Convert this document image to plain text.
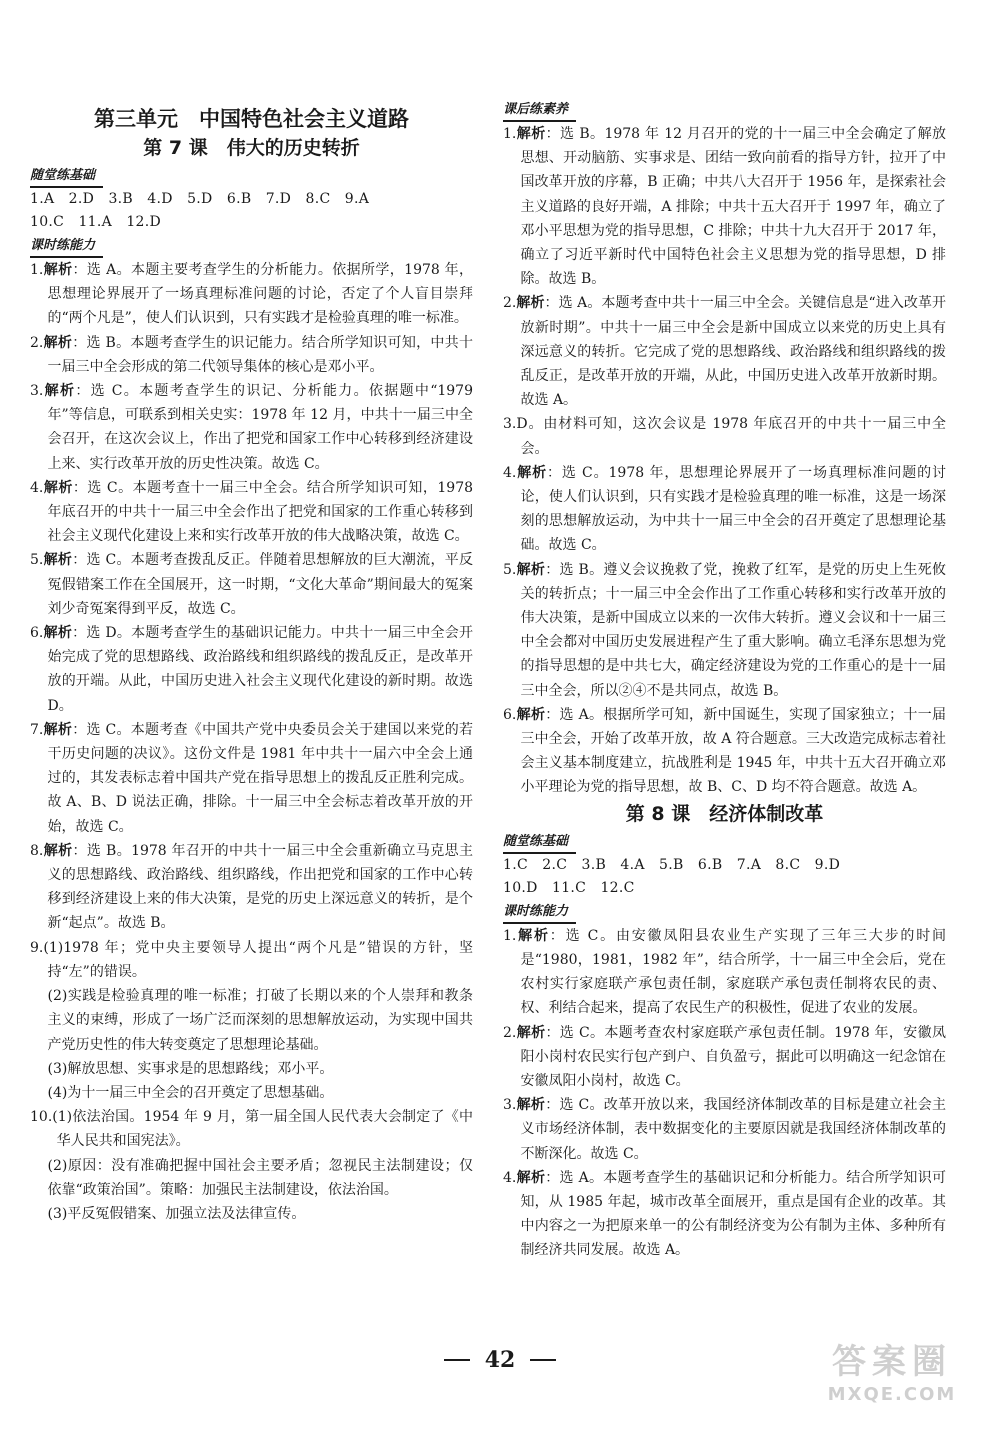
第三单元　中国特色社会主义道路
第 7 课　伟大的历史转折
随堂练基础
1.A　2.D　3.B　4.D　5.D　6.B　7.D　8.C　9.A
10.C　11.A　12.D
课时练能力
1.解析：选 A。本题主要考查学生的分析能力。依据所学，1978 年，思想理论界展开了一场真理标准问题的讨论，否定了个人盲目崇拜的“两个凡是”，使人们认识到，只有实践才是检验真理的唯一标准。
2.解析：选 B。本题考查学生的识记能力。结合所学知识可知，中共十一届三中全会形成的第二代领导集体的核心是邓小平。
3.解析：选 C。本题考查学生的识记、分析能力。依据题中“1979 年”等信息，可联系到相关史实：1978 年 12 月，中共十一届三中全会召开，在这次会议上，作出了把党和国家工作中心转移到经济建设上来、实行改革开放的历史性决策。故选 C。
4.解析：选 C。本题考查十一届三中全会。结合所学知识可知，1978 年底召开的中共十一届三中全会作出了把党和国家的工作重心转移到社会主义现代化建设上来和实行改革开放的伟大战略决策，故选 C。
5.解析：选 C。本题考查拨乱反正。伴随着思想解放的巨大潮流，平反冤假错案工作在全国展开，这一时期，“文化大革命”期间最大的冤案刘少奇冤案得到平反，故选 C。
6.解析：选 D。本题考查学生的基础识记能力。中共十一届三中全会开始完成了党的思想路线、政治路线和组织路线的拨乱反正，是改革开放的开端。从此，中国历史进入社会主义现代化建设的新时期。故选 D。
7.解析：选 C。本题考查《中国共产党中央委员会关于建国以来党的若干历史问题的决议》。这份文件是 1981 年中共十一届六中全会上通过的，其发表标志着中国共产党在指导思想上的拨乱反正胜利完成。故 A、B、D 说法正确，排除。十一届三中全会标志着改革开放的开始，故选 C。
8.解析：选 B。1978 年召开的中共十一届三中全会重新确立马克思主义的思想路线、政治路线、组织路线，作出把党和国家的工作中心转移到经济建设上来的伟大决策，是党的历史上深远意义的转折，是个新“起点”。故选 B。
9.(1)1978 年；党中央主要领导人提出“两个凡是”错误的方针，坚持“左”的错误。
(2)实践是检验真理的唯一标准；打破了长期以来的个人崇拜和教条主义的束缚，形成了一场广泛而深刻的思想解放运动，为实现中国共产党历史性的伟大转变奠定了思想理论基础。
(3)解放思想、实事求是的思想路线；邓小平。
(4)为十一届三中全会的召开奠定了思想基础。
10.(1)依法治国。1954 年 9 月，第一届全国人民代表大会制定了《中华人民共和国宪法》。
(2)原因：没有准确把握中国社会主要矛盾；忽视民主法制建设；仅依靠“政策治国”。策略：加强民主法制建设，依法治国。
(3)平反冤假错案、加强立法及法律宣传。
课后练素养
1.解析：选 B。1978 年 12 月召开的党的十一届三中全会确定了解放思想、开动脑筋、实事求是、团结一致向前看的指导方针，拉开了中国改革开放的序幕，B 正确；中共八大召开于 1956 年，是探索社会主义道路的良好开端，A 排除；中共十五大召开于 1997 年，确立了邓小平思想为党的指导思想，C 排除；中共十九大召开于 2017 年，确立了习近平新时代中国特色社会主义思想为党的指导思想，D 排除。故选 B。
2.解析：选 A。本题考查中共十一届三中全会。关键信息是“进入改革开放新时期”。中共十一届三中全会是新中国成立以来党的历史上具有深远意义的转折。它完成了党的思想路线、政治路线和组织路线的拨乱反正，是改革开放的开端，从此，中国历史进入改革开放新时期。故选 A。
3.D。由材料可知，这次会议是 1978 年底召开的中共十一届三中全会。
4.解析：选 C。1978 年，思想理论界展开了一场真理标准问题的讨论，使人们认识到，只有实践才是检验真理的唯一标准，这是一场深刻的思想解放运动，为中共十一届三中全会的召开奠定了思想理论基础。故选 C。
5.解析：选 B。遵义会议挽救了党，挽救了红军，是党的历史上生死攸关的转折点；十一届三中全会作出了工作重心转移和实行改革开放的伟大决策，是新中国成立以来的一次伟大转折。遵义会议和十一届三中全会都对中国历史发展进程产生了重大影响。确立毛泽东思想为党的指导思想的是中共七大，确定经济建设为党的工作重心的是十一届三中全会，所以②④不是共同点，故选 B。
6.解析：选 A。根据所学可知，新中国诞生，实现了国家独立；十一届三中全会，开始了改革开放，故 A 符合题意。三大改造完成标志着社会主义基本制度建立，抗战胜利是 1945 年，中共十五大召开确立邓小平理论为党的指导思想，故 B、C、D 均不符合题意。故选 A。
第 8 课　经济体制改革
随堂练基础
1.C　2.C　3.B　4.A　5.B　6.B　7.A　8.C　9.D
10.D　11.C　12.C
课时练能力
1.解析：选 C。由安徽凤阳县农业生产实现了三年三大步的时间是“1980，1981，1982 年”，结合所学，十一届三中全会后，党在农村实行家庭联产承包责任制，家庭联产承包责任制将农民的责、权、利结合起来，提高了农民生产的积极性，促进了农业的发展。
2.解析：选 C。本题考查农村家庭联产承包责任制。1978 年，安徽凤阳小岗村农民实行包产到户、自负盈亏，据此可以明确这一纪念馆在安徽凤阳小岗村，故选 C。
3.解析：选 C。改革开放以来，我国经济体制改革的目标是建立社会主义市场经济体制，表中数据变化的主要原因就是我国经济体制改革的不断深化。故选 C。
4.解析：选 A。本题考查学生的基础识记和分析能力。结合所学知识可知，从 1985 年起，城市改革全面展开，重点是国有企业的改革。其中内容之一为把原来单一的公有制经济变为公有制为主体、多种所有制经济共同发展。故选 A。
42	答案圈
MXQE.COM
